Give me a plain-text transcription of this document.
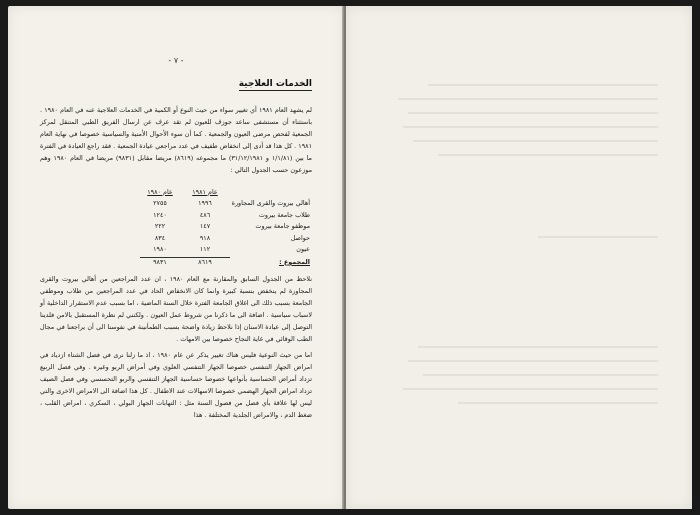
- ٧ -
الخدمات العلاجية
لم يشهد العام ١٩٨١ أي تغيير سواء من حيث النوع أو الكمية في الخدمات العلاجية عنه في العام ١٩٨٠ . باستثناء أن مستشفى ساعد جوزف للعيون لم تقد عرف عن ارسال الفريق الطبي المتنقل لمركز الجمعية لفحص مرضى العيون والجمعية . كما أن سوء الأحوال الأمنية والسياسية خصوصا في نهاية العام ١٩٨١ . كل هذا قد أدى إلى انخفاض طفيف في عدد مراجعي عيادة الجمعية . فقد راجع العيادة في الفترة ما بين (١/١/٨١ و ٣١/١٢/١٩٨١) ما مجموعه (٨٦١٩) مريضا مقابل (٩٨٣١) مريضا في العام ١٩٨٠ وهم موزعون حسب الجدول التالي :
عام ١٩٨١
عام ١٩٨٠
أهالي بيروت والقرى المجاورة
١٩٩٦
٢٧٥٥
طلاب جامعة بيروت
٤٨٦
١٢٤٠
موظفو جامعة بيروت
١٤٧
٢٢٢
حواصل
٩١٨
٨٣٤
عيون
١١٢
١٩٨٠
المجموع :
٨٦١٩
٩٨٣١
نلاحظ من الجدول السابق والمقارنة مع العام ١٩٨٠ ، ان عدد المراجعين من أهالي بيروت والقرى المجاورة لم ينخفض بنسبة كبيرة وانما كان الانخفاض الحاد في عدد المراجعين من طلاب وموظفي الجامعة بسبب ذلك الى اغلاق الجامعة الفترة خلال السنة الماضية ، اما بسبب عدم الاستقرار الداخلية أو لاسباب سياسية . اضافة الى ما ذكرنا من شروط عمل العيون . ولكنني لم نظرة المستقبل بالامن فلدينا التوصل إلى عيادة الاسنان إذا نلاحظ زيادة واضحة بسبب الطمأنينة في نفوسنا الى أن يراجعنا في مجال الطب الوقائي في غاية النجاح خصوصا بين الامهات .
اما من حيث النوعية فليس هناك تغيير يذكر عن عام ١٩٨٠ ، اذ ما زلنا نرى في فصل الشتاء ازدياد في امراض الجهاز التنفسي خصوصا الجهاز التنفسي العلوي وفي أمراض الربو وغيره . وفي فصل الربيع تزداد أمراض الحساسية بأنواعها خصوصا حساسية الجهاز التنفسي والربو التحسسي وفي فصل الصيف تزداد امراض الجهاز الهضمي خصوصا الاسهالات عند الاطفال . كل هذا اضافة الى الامراض الاخرى والتي ليس لها علاقة بأي فصل من فصول السنة مثل : التهابات الجهاز البولي ، السكري ، امراض القلب ، ضغط الدم ، والامراض الجلدية المختلفة . هذا
